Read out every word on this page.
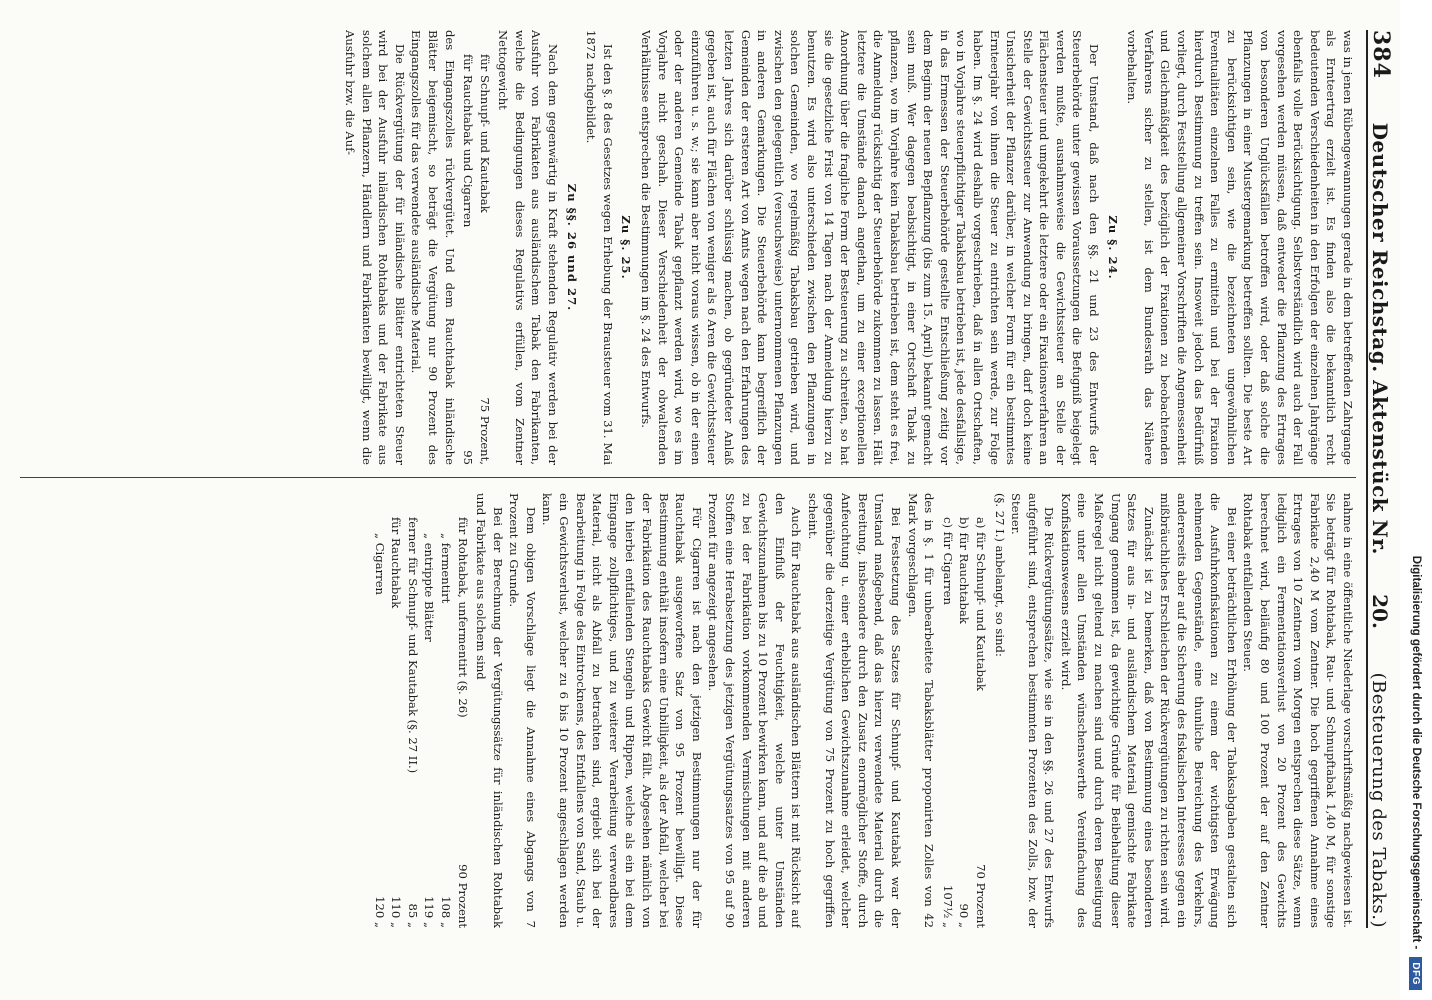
384
Deutscher Reichstag. Aktenstück Nr. 20.
(Besteuerung des Tabaks.)

was in jenen Rübengewannungen gerade in dem betreffenden Zahrgange als Ernteertrag erzielt ist. Es finden also die bekanntlich recht bedeutenden Verschiedenheiten in den Erfolgen der einzelnen Jahrgänge ebenfalls volle Berücksichtigung. Selbstverständlich wird auch der Fall vorgesehen werden müssen, daß entweder die Pflanzung des Ertrages von besonderen Unglücksfällen betroffen wird, oder daß solche die Pflanzungen in einer Mustergemarkung betreffen sollten. Die beste Art zu berücksichtigen sein, wie die bezeichneten ungewöhnlichen Eventualitäten einzelnen Falles zu ermitteln und bei der Fixation hierdurch Bestimmung zu treffen sein. Insoweit jedoch das Bedürfniß vorliegt, durch Feststellung allgemeiner Vorschriften die Angemessenheit und Gleichmäßigkeit des bezüglich der Fixationen zu beobachtenden Verfahrens sicher zu stellen, ist dem Bundesrath das Nähere vorbehalten.

Zu §. 24.

Der Umstand, daß nach den §§. 21 und 23 des Entwurfs der Steuerbehörde unter gewissen Voraussetzungen die Befugniß beigelegt werden mußte, ausnahmsweise die Gewichtssteuer an Stelle der Flächensteuer und umgekehrt die letztere oder ein Fixationsverfahren an Stelle der Gewichtssteuer zur Anwendung zu bringen, darf doch keine Unsicherheit der Pflanzer darüber, in welcher Form für ein bestimmtes Ernteerjahr von ihnen die Steuer zu entrichten sein werde, zur Folge haben. Im §. 24 wird deshalb vorgeschrieben, daß in allen Ortschaften, wo in Vorjahre steuerpflichtiger Tabaksbau betrieben ist, jede desfallsige, in das Ermessen der Steuerbehörde gestellte Entschließung zeitig vor dem Beginn der neuen Bepflanzung (bis zum 15. April) bekannt gemacht sein muß. Wer dagegen beabsichtigt, in einer Ortschaft Tabak zu pflanzen, wo im Vorjahre kein Tabaksbau betrieben ist, dem steht es frei, die Anmeldung rücksichtig der Steuerbehörde zukommen zu lassen. Hält letztere die Umstände danach angethan, um zu einer exceptionellen Anordnung über die fragliche Form der Besteuerung zu schreiten, so hat sie die gesetzliche Frist von 14 Tagen nach der Anmeldung hierzu zu benutzen. Es wird also unterschieden zwischen den Pflanzungen in solchen Gemeinden, wo regelmäßig Tabaksbau getrieben wird, und zwischen den gelegentlich (versuchsweise) unternommenen Pflanzungen in anderen Gemarkungen. Die Steuerbehörde kann begreiflich der Gemeinden der ersteren Art von Amts wegen nach den Erfahrungen des letzten Jahres sich darüber schlüssig machen, ob gegründeter Anlaß gegeben ist, auch für Flächen von weniger als 6 Aren die Gewichtssteuer einzuführen u. s. w.; sie kann aber nicht voraus wissen, ob in der einen oder der anderen Gemeinde Tabak gepflanzt werden wird, wo es im Vorjahre nicht geschah. Dieser Verschiedenheit der obwaltenden Verhältnisse entsprechen die Bestimmungen im §. 24 des Entwurfs.

Zu §. 25.

Ist den §. 8 des Gesetzes wegen Erhebung der Brausteuer vom 31. Mai 1872 nachgebildet.

Zu §§. 26 und 27.

Nach dem gegenwärtig in Kraft stehenden Regulativ werden bei der Ausfuhr von Fabrikaten aus ausländischem Tabak den Fabrikanten, welche die Bedingungen dieses Regulativs erfüllen, vom Zentner Nettogewicht

für Schnupf- und Kautabak
75 Prozent,
für Rauchtabak und Cigarren
95

des Eingangszolles rückvergütet. Und dem Rauchtabak inländische Blätter beigemischt, so beträgt die Vergütung nur 90 Prozent des Eingangszolles für das verwendete ausländische Material.

Die Rückvergütung der für inländische Blätter entrichteten Steuer wird bei der Ausfuhr inländischen Rohtabaks und der Fabrikate aus solchem allen Pflanzern, Händlern und Fabrikanten bewilligt, wenn die Ausfuhr bzw. die Auf-

nahme in eine öffentliche Niederlage vorschriftsmäßig nachgewiesen ist. Sie beträgt für Rohtabak, Rau- und Schnupftabak 1,40 M, für sonstige Fabrikate 2,40 M vom Zentner. Die hoch gegriffenen Annahme eines Ertrages von 10 Zentnern vom Morgen entsprechen diese Sätze, wenn lediglich ein Fermentationsverlust von 20 Prozent des Gewichts berechnet wird, beiläufig 80 und 100 Prozent der auf den Zentner Rohtabak entfallenden Steuer.

Bei einer beträchtlichen Erhöhung der Tabaksabgaben gestalten sich die Ausfuhrkonfiskationen zu einem der wichtigsten Erwägung nehmenden Gegenstände, eine thunliche Beireichung des Verkehrs, andererseits aber auf die Sicherung des fiskalischen Interesses gegen ein mißbräuchliches Erschleichen der Rückvergütungen zu richten sein wird.

Zunächst ist zu bemerken, daß von Bestimmung eines besonderen Satzes für aus in- und ausländischem Material gemischte Fabrikate Umgang genommen ist, da gewichtige Gründe für Beibehaltung dieser Maßregel nicht geltend zu machen sind und durch deren Beseitigung eine unter allen Umständen wünschenswerthe Vereinfachung des Konfiskationswesens erzielt wird.

Die Rückvergütungssätze, wie sie in den §§. 26 und 27 des Entwurfs aufgeführt sind, entsprechen bestimmten Prozenten des Zolls, bzw. der Steuer.

(§. 27 I.) anbelangt, so sind:

a) für Schnupf- und Kautabak
70 Prozent
b) für Rauchtabak
90 „
c) für Cigarren
107½ „

des in §. 1 für unbearbeitete Tabaksblätter proponirten Zolles von 42 Mark vorgeschlagen.

Bei Festsetzung des Satzes für Schnupf- und Kautabak war der Umstand maßgebend, daß das hierzu verwendete Material durch die Bereitung, insbesondere durch den Zusatz enormöglicher Stoffe, durch Anfeuchtung u. einer erheblichen Gewichtszunahme erleidet, welcher gegenüber die derzeitige Vergütung von 75 Prozent zu hoch gegriffen scheint.

Auch für Rauchtabak aus ausländischen Blättern ist mit Rücksicht auf den Einfluß der Feuchtigkeit, welche unter Umständen Gewichtszunahmen bis zu 10 Prozent bewirken kann, und auf die ab und zu bei der Fabrikation vorkommenden Vermischungen mit anderen Stoffen eine Herabsetzung des jetzigen Vergütungssatzes von 95 auf 90 Prozent für angezeigt angesehen.

Für Cigarren ist nach den jetzigen Bestimmungen nur der für Rauchtabak ausgeworfene Satz von 95 Prozent bewilligt. Diese Bestimmung enthält insofern eine Unbilligkeit, als der Abfall, welcher bei der Fabrikation des Rauchtabaks Gewicht fällt. Abgesehen nämlich von den hierbei entfallenden Stengeln und Rippen, welche als ein bei dem Eingange zollpflichtiges, und zu weiterer Verarbeitung verwendbares Material, nicht als Abfall zu betrachten sind, ergiebt sich bei der Bearbeitung in Folge des Eintrocknens, des Entfallens von Sand, Staub u. ein Gewichtsverlust, welcher zu 6 bis 10 Prozent angeschlagen werden kann.

Dem obigen Vorschlage liegt die Annahme eines Abgangs von 7 Prozent zu Grunde.

Bei der Berechnung der Vergütungssätze für inländischen Rohtabak und Fabrikate aus solchem sind

für Rohtabak, unfermentirt (§. 26)
90 Prozent
„ fermentirt
108 „
„ entrippte Blätter
119 „
ferner für Schnupf- und Kautabak (§. 27 II.)
85 „
für Rauchtabak
110 „
„ Cigarren
120 „	Digitalisierung gefördert durch die Deutsche Forschungsgemeinschaft -
DFG
